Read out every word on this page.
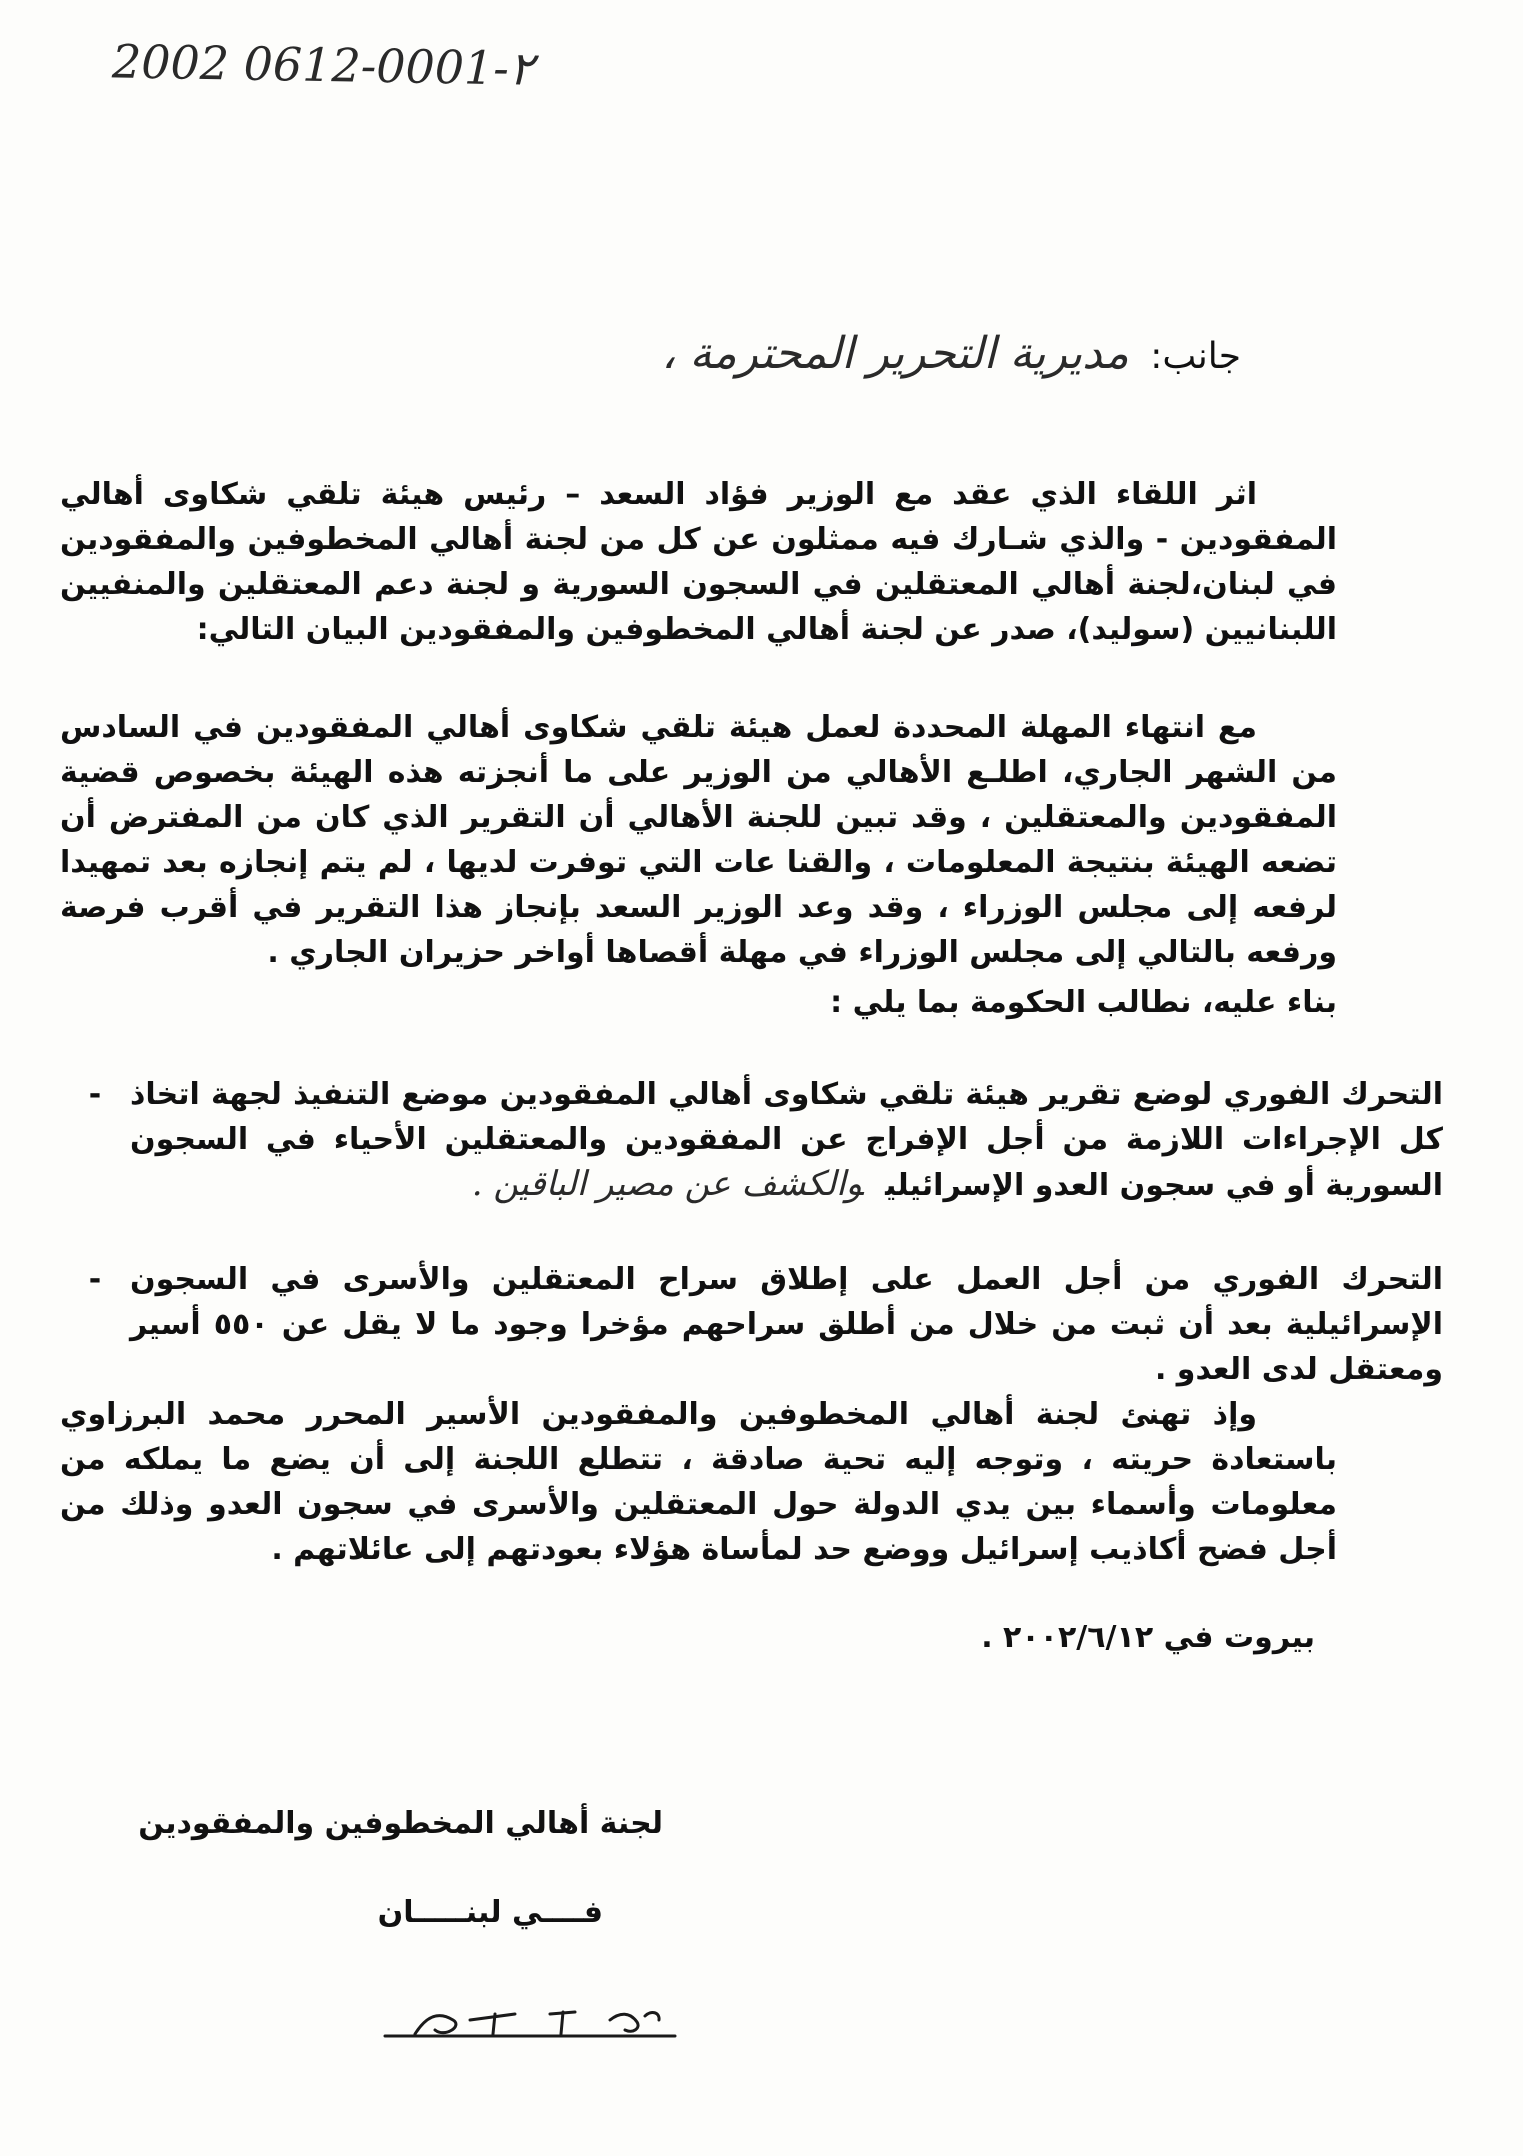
2002 0612-0001-٢
جانب: مديرية التحرير المحترمة ،
اثر اللقاء الذي عقد مع الوزير فؤاد السعد – رئيس هيئة تلقي شكاوى أهالي المفقودين - والذي شـارك فيه ممثلون عن كل من لجنة أهالي المخطوفين والمفقودين في لبنان،لجنة أهالي المعتقلين في السجون السورية و لجنة دعم المعتقلين والمنفيين اللبنانيين (سوليد)، صدر عن لجنة أهالي المخطوفين والمفقودين البيان التالي:
مع انتهاء المهلة المحددة لعمل هيئة تلقي شكاوى أهالي المفقودين في السادس من الشهر الجاري، اطلـع الأهالي من الوزير على ما أنجزته هذه الهيئة بخصوص قضية المفقودين والمعتقلين ، وقد تبين للجنة الأهالي أن التقرير الذي كان من المفترض أن تضعه الهيئة بنتيجة المعلومات ، والقنا عات التي توفرت لديها ، لم يتم إنجازه بعد تمهيدا لرفعه إلى مجلس الوزراء ، وقد وعد الوزير السعد بإنجاز هذا التقرير في أقرب فرصة ورفعه بالتالي إلى مجلس الوزراء في مهلة أقصاها أواخر حزيران الجاري .
بناء عليه، نطالب الحكومة بما يلي :
التحرك الفوري لوضع تقرير هيئة تلقي شكاوى أهالي المفقودين موضع التنفيذ لجهة اتخاذ كل الإجراءات اللازمة من أجل الإفراج عن المفقودين والمعتقلين الأحياء في السجون السورية أو في سجون العدو الإسرائيليوالكشف عن مصير الباقين .
-
التحرك الفوري من أجل العمل على إطلاق سراح المعتقلين والأسرى في السجون الإسرائيلية بعد أن ثبت من خلال من أطلق سراحهم مؤخرا وجود ما لا يقل عن ٥٥٠ أسير ومعتقل لدى العدو .
-
وإذ تهنئ لجنة أهالي المخطوفين والمفقودين الأسير المحرر محمد البرزاوي باستعادة حريته ، وتوجه إليه تحية صادقة ، تتطلع اللجنة إلى أن يضع ما يملكه من معلومات وأسماء بين يدي الدولة حول المعتقلين والأسرى في سجون العدو وذلك من أجل فضح أكاذيب إسرائيل ووضع حد لمأساة هؤلاء بعودتهم إلى عائلاتهم .
بيروت في ٢٠٠٢/٦/١٢ .
لجنة أهالي المخطوفين والمفقودين
فــــي لبنـــــان
